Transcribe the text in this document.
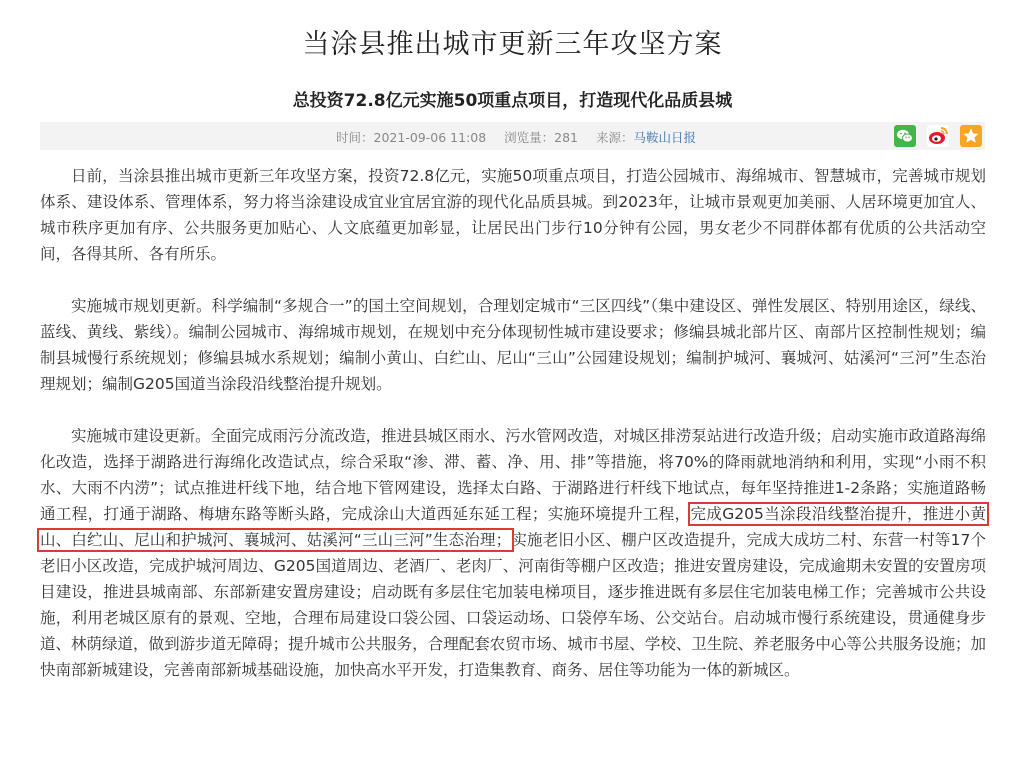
当涂县推出城市更新三年攻坚方案
总投资72.8亿元实施50项重点项目，打造现代化品质县城
时间：2021-09-06 11:08 浏览量：281 来源：马鞍山日报

日前，当涂县推出城市更新三年攻坚方案，投资72.8亿元，实施50项重点项目，打造公园城市、海绵城市、智慧城市，完善城市规划体系、建设体系、管理体系，努力将当涂建设成宜业宜居宜游的现代化品质县城。到2023年，让城市景观更加美丽、人居环境更加宜人、城市秩序更加有序、公共服务更加贴心、人文底蕴更加彰显，让居民出门步行10分钟有公园，男女老少不同群体都有优质的公共活动空间，各得其所、各有所乐。

实施城市规划更新。科学编制“多规合一”的国土空间规划，合理划定城市“三区四线”（集中建设区、弹性发展区、特别用途区，绿线、蓝线、黄线、紫线）。编制公园城市、海绵城市规划，在规划中充分体现韧性城市建设要求；修编县城北部片区、南部片区控制性规划；编制县城慢行系统规划；修编县城水系规划；编制小黄山、白纻山、尼山“三山”公园建设规划；编制护城河、襄城河、姑溪河“三河”生态治理规划；编制G205国道当涂段沿线整治提升规划。

实施城市建设更新。全面完成雨污分流改造，推进县城区雨水、污水管网改造，对城区排涝泵站进行改造升级；启动实施市政道路海绵化改造，选择于湖路进行海绵化改造试点，综合采取“渗、滞、蓄、净、用、排”等措施，将70%的降雨就地消纳和利用，实现“小雨不积水、大雨不内涝”；试点推进杆线下地，结合地下管网建设，选择太白路、于湖路进行杆线下地试点，每年坚持推进1-2条路；实施道路畅通工程，打通于湖路、梅塘东路等断头路，完成涂山大道西延东延工程；实施环境提升工程，完成G205当涂段沿线整治提升，推进小黄山、白纻山、尼山和护城河、襄城河、姑溪河“三山三河”生态治理；实施老旧小区、棚户区改造提升，完成大成坊二村、东营一村等17个老旧小区改造，完成护城河周边、G205国道周边、老酒厂、老肉厂、河南街等棚户区改造；推进安置房建设，完成逾期未安置的安置房项目建设，推进县城南部、东部新建安置房建设；启动既有多层住宅加装电梯项目，逐步推进既有多层住宅加装电梯工作；完善城市公共设施，利用老城区原有的景观、空地，合理布局建设口袋公园、口袋运动场、口袋停车场、公交站台。启动城市慢行系统建设，贯通健身步道、林荫绿道，做到游步道无障碍；提升城市公共服务，合理配套农贸市场、城市书屋、学校、卫生院、养老服务中心等公共服务设施；加快南部新城建设，完善南部新城基础设施，加快高水平开发，打造集教育、商务、居住等功能为一体的新城区。
